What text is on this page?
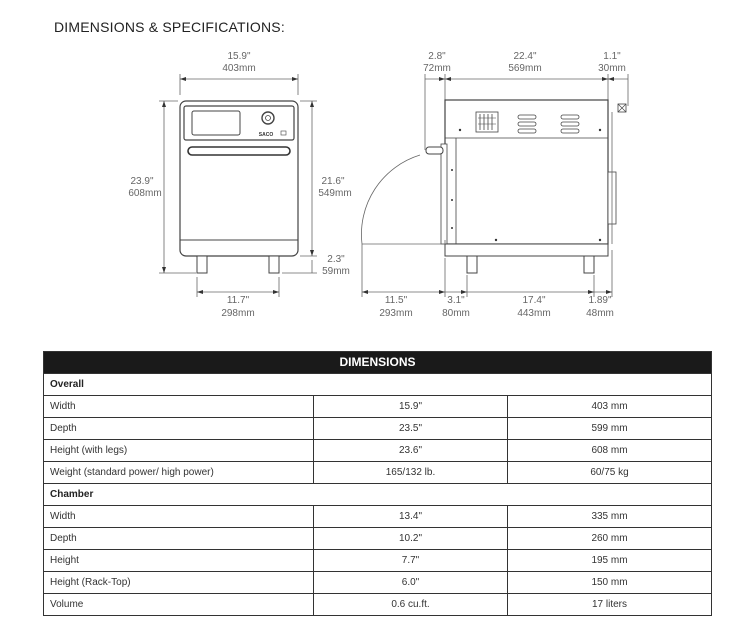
DIMENSIONS & SPECIFICATIONS:
15.9"
403mm
SACO
23.9"
608mm
21.6"
549mm
2.3"
59mm
11.7"
298mm
2.8"
72mm
22.4"
569mm
1.1"
30mm
11.5"
293mm
3.1"
80mm
17.4"
443mm
1.89"
48mm
DIMENSIONS
Overall
Width	15.9"	403 mm
Depth	23.5"	599 mm
Height (with legs)	23.6"	608 mm
Weight (standard power/ high power)	165/132 lb.	60/75 kg
Chamber
Width	13.4"	335 mm
Depth	10.2"	260 mm
Height	7.7"	195 mm
Height (Rack-Top)	6.0"	150 mm
Volume	0.6 cu.ft.	17 liters
